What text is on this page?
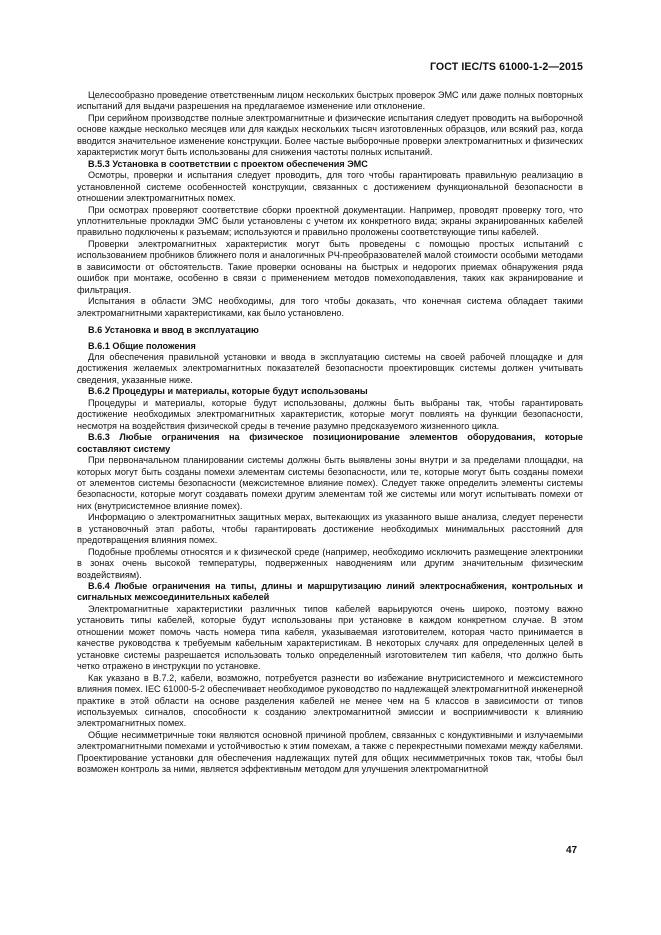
ГОСТ IEC/TS 61000-1-2—2015

Целесообразно проведение ответственным лицом нескольких быстрых проверок ЭМС или даже полных повторных испытаний для выдачи разрешения на предлагаемое изменение или отклонение.

При серийном производстве полные электромагнитные и физические испытания следует проводить на выборочной основе каждые несколько месяцев или для каждых нескольких тысяч изготовленных образцов, или всякий раз, когда вводится значительное изменение конструкции. Более частые выборочные проверки электромагнитных и физических характеристик могут быть использованы для снижения частоты полных испытаний.

B.5.3 Установка в соответствии с проектом обеспечения ЭМС

Осмотры, проверки и испытания следует проводить, для того чтобы гарантировать правильную реализацию в установленной системе особенностей конструкции, связанных с достижением функциональной безопасности в отношении электромагнитных помех.

При осмотрах проверяют соответствие сборки проектной документации. Например, проводят проверку того, что уплотнительные прокладки ЭМС были установлены с учетом их конкретного вида; экраны экранированных кабелей правильно подключены к разъемам; используются и правильно проложены соответствующие типы кабелей.

Проверки электромагнитных характеристик могут быть проведены с помощью простых испытаний с использованием пробников ближнего поля и аналогичных РЧ-преобразователей малой стоимости особыми методами в зависимости от обстоятельств. Такие проверки основаны на быстрых и недорогих приемах обнаружения ряда ошибок при монтаже, особенно в связи с применением методов помехоподавления, таких как экранирование и фильтрация.

Испытания в области ЭМС необходимы, для того чтобы доказать, что конечная система обладает такими электромагнитными характеристиками, как было установлено.

B.6 Установка и ввод в эксплуатацию

B.6.1 Общие положения

Для обеспечения правильной установки и ввода в эксплуатацию системы на своей рабочей площадке и для достижения желаемых электромагнитных показателей безопасности проектировщик системы должен учитывать сведения, указанные ниже.

B.6.2 Процедуры и материалы, которые будут использованы

Процедуры и материалы, которые будут использованы, должны быть выбраны так, чтобы гарантировать достижение необходимых электромагнитных характеристик, которые могут повлиять на функции безопасности, несмотря на воздействия физической среды в течение разумно предсказуемого жизненного цикла.

B.6.3 Любые ограничения на физическое позиционирование элементов оборудования, которые составляют систему

При первоначальном планировании системы должны быть выявлены зоны внутри и за пределами площадки, на которых могут быть созданы помехи элементам системы безопасности, или те, которые могут быть созданы помехи от элементов системы безопасности (межсистемное влияние помех). Следует также определить элементы системы безопасности, которые могут создавать помехи другим элементам той же системы или могут испытывать помехи от них (внутрисистемное влияние помех).

Информацию о электромагнитных защитных мерах, вытекающих из указанного выше анализа, следует перенести в установочный этап работы, чтобы гарантировать достижение необходимых минимальных расстояний для предотвращения влияния помех.

Подобные проблемы относятся и к физической среде (например, необходимо исключить размещение электроники в зонах очень высокой температуры, подверженных наводнениям или другим значительным физическим воздействиям).

B.6.4 Любые ограничения на типы, длины и маршрутизацию линий электроснабжения, контрольных и сигнальных межсоединительных кабелей

Электромагнитные характеристики различных типов кабелей варьируются очень широко, поэтому важно установить типы кабелей, которые будут использованы при установке в каждом конкретном случае. В этом отношении может помочь часть номера типа кабеля, указываемая изготовителем, которая часто принимается в качестве руководства к требуемым кабельным характеристикам. В некоторых случаях для определенных целей в установке системы разрешается использовать только определенный изготовителем тип кабеля, что должно быть четко отражено в инструкции по установке.

Как указано в B.7.2, кабели, возможно, потребуется разнести во избежание внутрисистемного и межсистемного влияния помех. IEC 61000-5-2 обеспечивает необходимое руководство по надлежащей электромагнитной инженерной практике в этой области на основе разделения кабелей не менее чем на 5 классов в зависимости от типов используемых сигналов, способности к созданию электромагнитной эмиссии и восприимчивости к влиянию электромагнитных помех.

Общие несимметричные токи являются основной причиной проблем, связанных с кондуктивными и излучаемыми электромагнитными помехами и устойчивостью к этим помехам, а также с перекрестными помехами между кабелями. Проектирование установки для обеспечения надлежащих путей для общих несимметричных токов так, чтобы был возможен контроль за ними, является эффективным методом для улучшения электромагнитной

47
